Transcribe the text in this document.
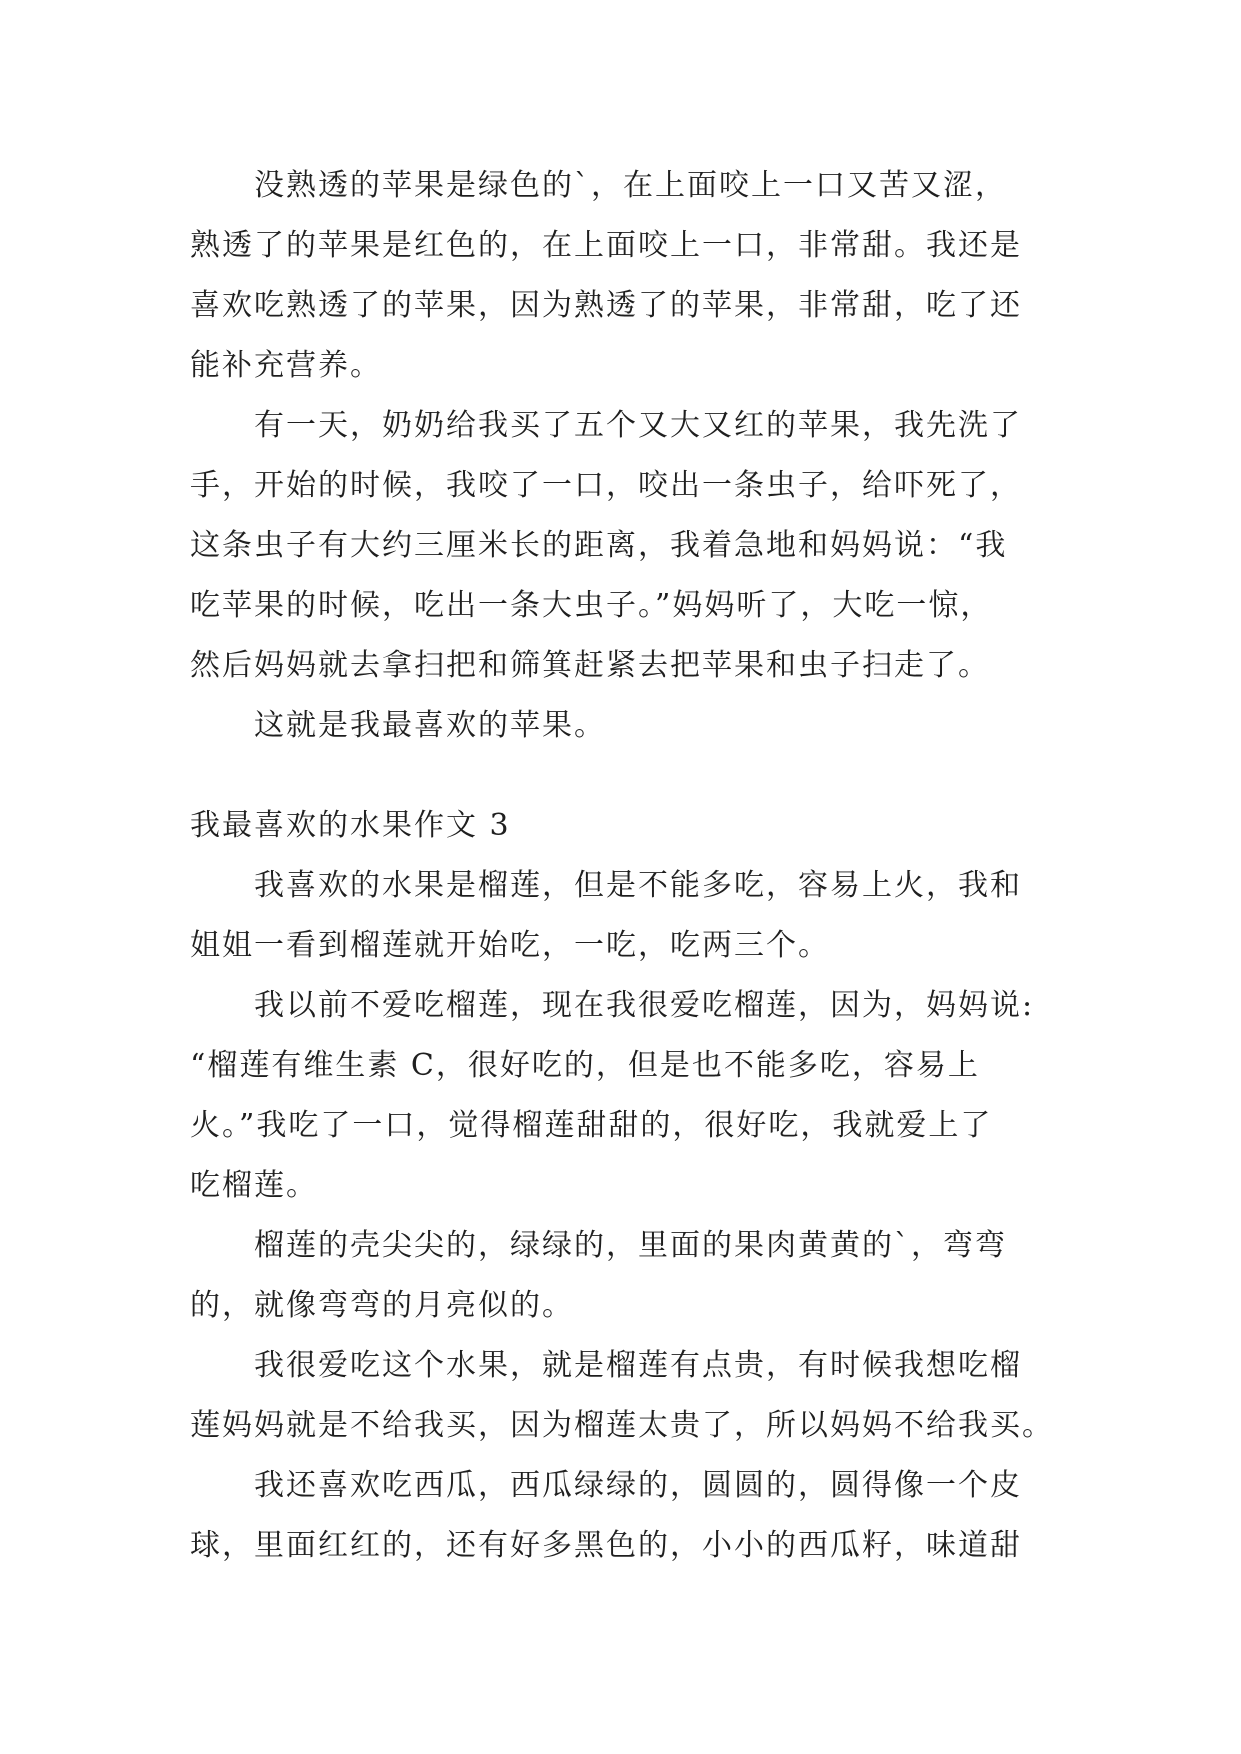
没熟透的苹果是绿色的`，在上面咬上一口又苦又涩，
熟透了的苹果是红色的，在上面咬上一口，非常甜。我还是
喜欢吃熟透了的苹果，因为熟透了的苹果，非常甜，吃了还
能补充营养。
有一天，奶奶给我买了五个又大又红的苹果，我先洗了
手，开始的时候，我咬了一口，咬出一条虫子，给吓死了，
这条虫子有大约三厘米长的距离，我着急地和妈妈说：“我
吃苹果的时候，吃出一条大虫子。”妈妈听了，大吃一惊，
然后妈妈就去拿扫把和筛箕赶紧去把苹果和虫子扫走了。
这就是我最喜欢的苹果。
我最喜欢的水果作文 3
我喜欢的水果是榴莲，但是不能多吃，容易上火，我和
姐姐一看到榴莲就开始吃，一吃，吃两三个。
我以前不爱吃榴莲，现在我很爱吃榴莲，因为，妈妈说:
“榴莲有维生素 C，很好吃的，但是也不能多吃，容易上
火。”我吃了一口，觉得榴莲甜甜的，很好吃，我就爱上了
吃榴莲。
榴莲的壳尖尖的，绿绿的，里面的果肉黄黄的`，弯弯
的，就像弯弯的月亮似的。
我很爱吃这个水果，就是榴莲有点贵，有时候我想吃榴
莲妈妈就是不给我买，因为榴莲太贵了，所以妈妈不给我买。
我还喜欢吃西瓜，西瓜绿绿的，圆圆的，圆得像一个皮
球，里面红红的，还有好多黑色的，小小的西瓜籽，味道甜
